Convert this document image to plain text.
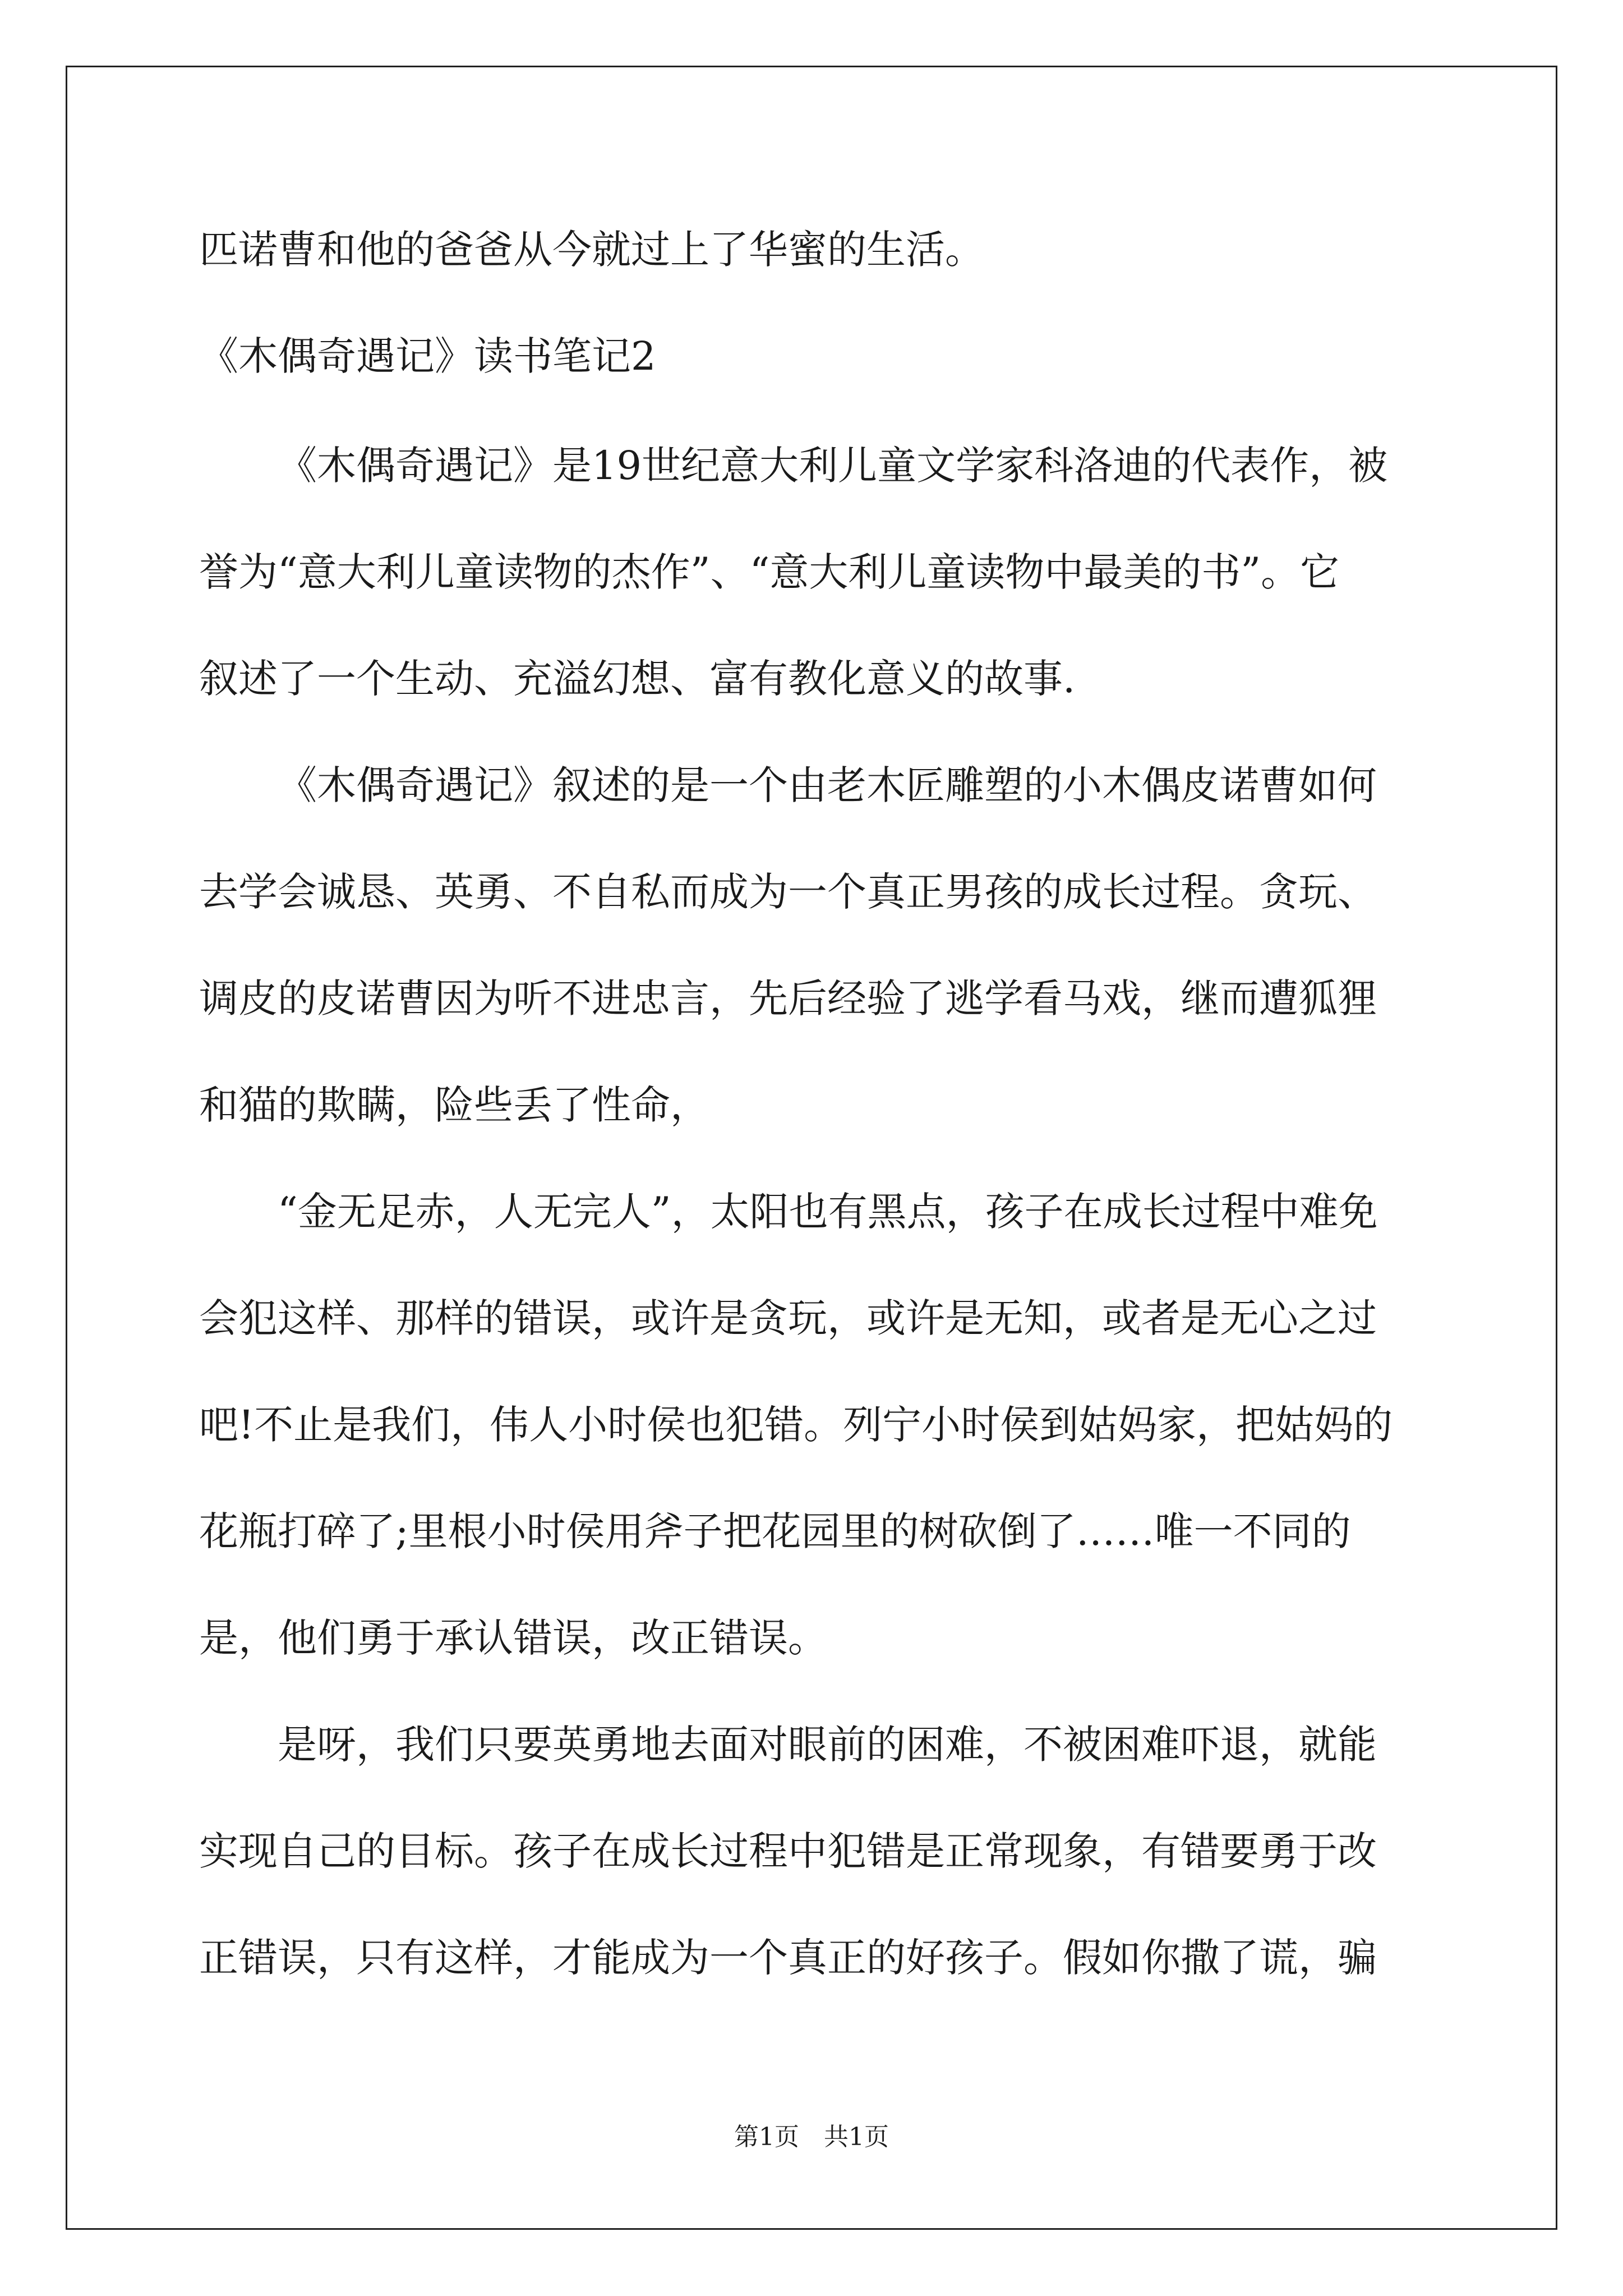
匹诺曹和他的爸爸从今就过上了华蜜的生活。
《木偶奇遇记》读书笔记2
《木偶奇遇记》是19世纪意大利儿童文学家科洛迪的代表作，被
誉为“意大利儿童读物的杰作”、“意大利儿童读物中最美的书”。它
叙述了一个生动、充溢幻想、富有教化意义的故事.
《木偶奇遇记》叙述的是一个由老木匠雕塑的小木偶皮诺曹如何
去学会诚恳、英勇、不自私而成为一个真正男孩的成长过程。贪玩、
调皮的皮诺曹因为听不进忠言，先后经验了逃学看马戏，继而遭狐狸
和猫的欺瞒，险些丢了性命，
“金无足赤，人无完人”，太阳也有黑点，孩子在成长过程中难免
会犯这样、那样的错误，或许是贪玩，或许是无知，或者是无心之过
吧!不止是我们，伟人小时侯也犯错。列宁小时侯到姑妈家，把姑妈的
花瓶打碎了;里根小时侯用斧子把花园里的树砍倒了……唯一不同的
是，他们勇于承认错误，改正错误。
是呀，我们只要英勇地去面对眼前的困难，不被困难吓退，就能
实现自己的目标。孩子在成长过程中犯错是正常现象，有错要勇于改
正错误，只有这样，才能成为一个真正的好孩子。假如你撒了谎，骗
第1页　共1页
